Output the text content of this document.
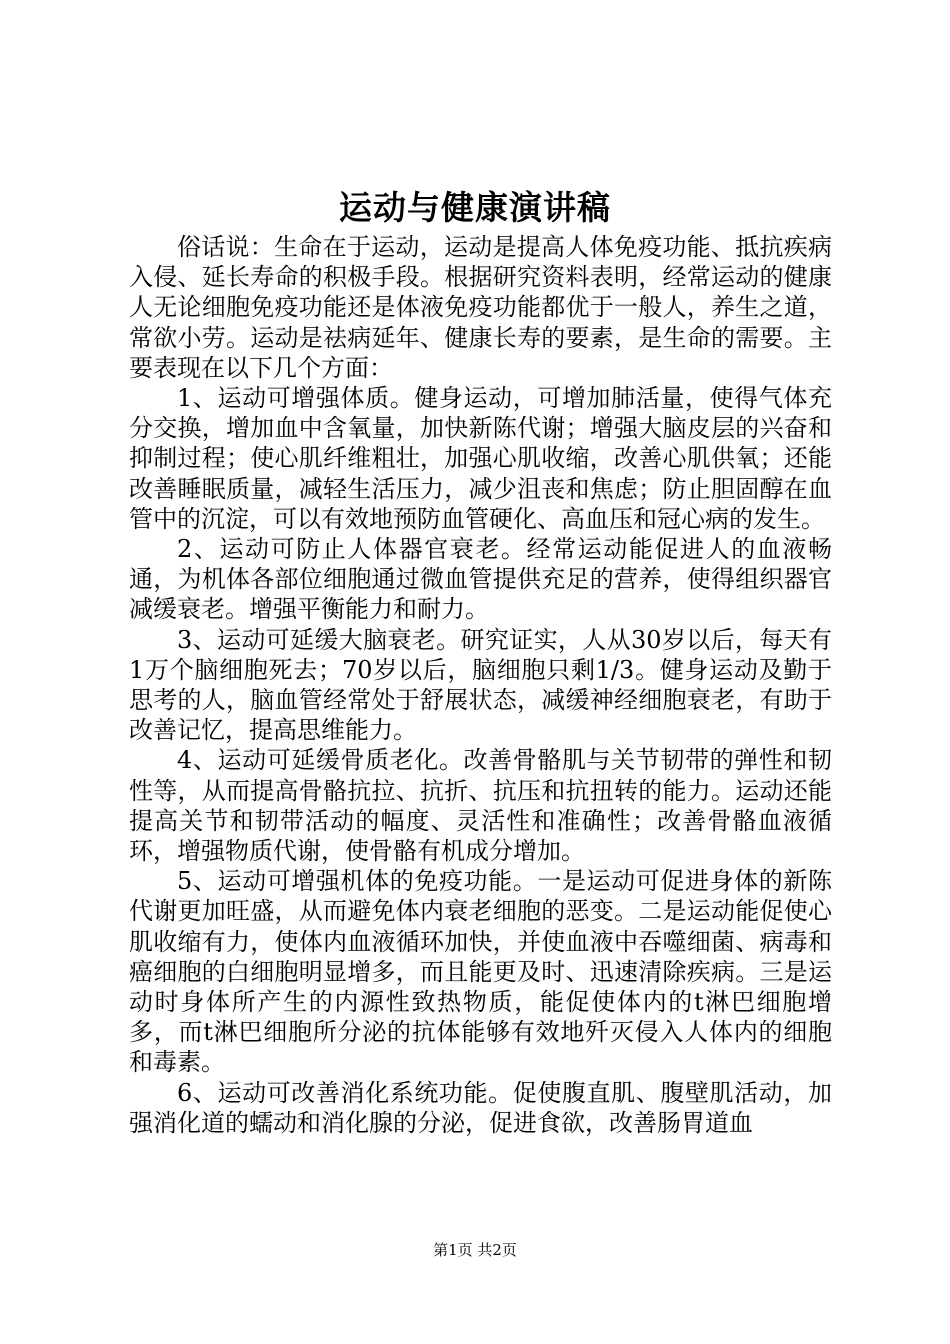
运动与健康演讲稿

俗话说：生命在于运动，运动是提高人体免疫功能、抵抗疾病入侵、延长寿命的积极手段。根据研究资料表明，经常运动的健康人无论细胞免疫功能还是体液免疫功能都优于一般人，养生之道，常欲小劳。运动是祛病延年、健康长寿的要素，是生命的需要。主要表现在以下几个方面：

1、运动可增强体质。健身运动，可增加肺活量，使得气体充分交换，增加血中含氧量，加快新陈代谢；增强大脑皮层的兴奋和抑制过程；使心肌纤维粗壮，加强心肌收缩，改善心肌供氧；还能改善睡眠质量，减轻生活压力，减少沮丧和焦虑；防止胆固醇在血管中的沉淀，可以有效地预防血管硬化、高血压和冠心病的发生。

2、运动可防止人体器官衰老。经常运动能促进人的血液畅通，为机体各部位细胞通过微血管提供充足的营养，使得组织器官减缓衰老。增强平衡能力和耐力。

3、运动可延缓大脑衰老。研究证实，人从30岁以后，每天有1万个脑细胞死去；70岁以后，脑细胞只剩1/3。健身运动及勤于思考的人，脑血管经常处于舒展状态，减缓神经细胞衰老，有助于改善记忆，提高思维能力。

4、运动可延缓骨质老化。改善骨骼肌与关节韧带的弹性和韧性等，从而提高骨骼抗拉、抗折、抗压和抗扭转的能力。运动还能提高关节和韧带活动的幅度、灵活性和准确性；改善骨骼血液循环，增强物质代谢，使骨骼有机成分增加。

5、运动可增强机体的免疫功能。一是运动可促进身体的新陈代谢更加旺盛，从而避免体内衰老细胞的恶变。二是运动能促使心肌收缩有力，使体内血液循环加快，并使血液中吞噬细菌、病毒和癌细胞的白细胞明显增多，而且能更及时、迅速清除疾病。三是运动时身体所产生的内源性致热物质，能促使体内的t淋巴细胞增多，而t淋巴细胞所分泌的抗体能够有效地歼灭侵入人体内的细胞和毒素。

6、运动可改善消化系统功能。促使腹直肌、腹壁肌活动，加强消化道的蠕动和消化腺的分泌，促进食欲，改善肠胃道血

第1页 共2页
